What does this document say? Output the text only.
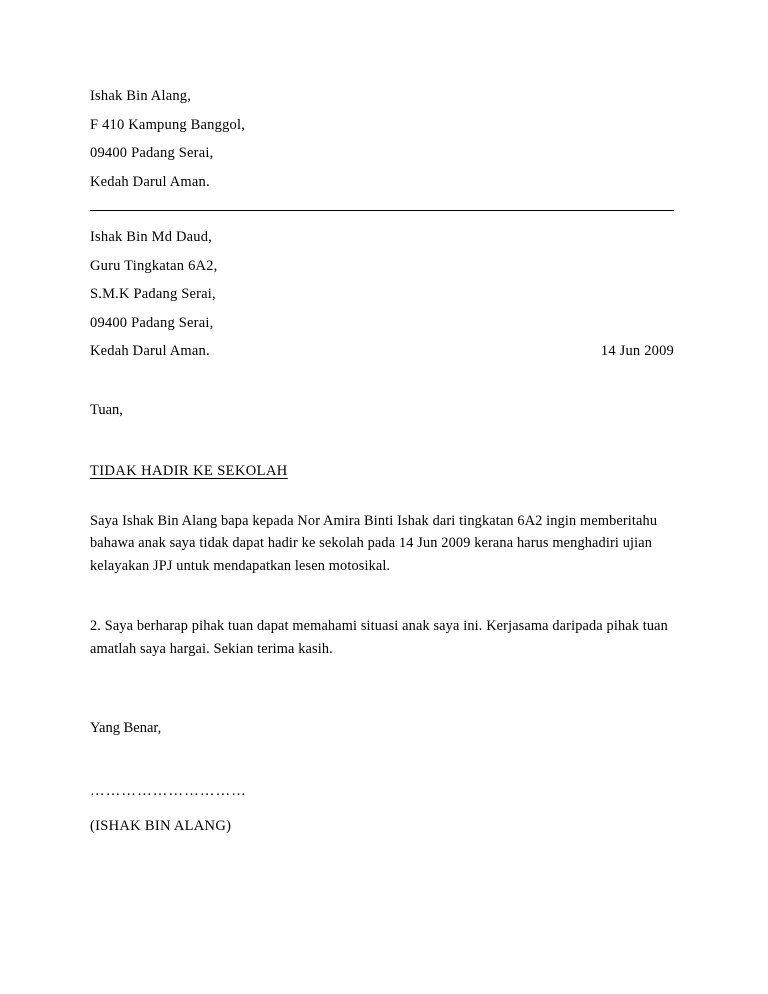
Ishak Bin Alang,
F 410 Kampung Banggol,
09400 Padang Serai,
Kedah Darul Aman.
Ishak Bin Md Daud,
Guru Tingkatan 6A2,
S.M.K Padang Serai,
09400 Padang Serai,
Kedah Darul Aman.	14 Jun 2009
Tuan,
TIDAK HADIR KE SEKOLAH
Saya Ishak Bin Alang bapa kepada Nor Amira Binti Ishak dari tingkatan 6A2 ingin memberitahu bahawa anak saya tidak dapat hadir ke sekolah pada 14 Jun 2009 kerana harus menghadiri ujian kelayakan JPJ untuk mendapatkan lesen motosikal.
2. Saya berharap pihak tuan dapat memahami situasi anak saya ini. Kerjasama daripada pihak tuan amatlah saya hargai. Sekian terima kasih.
Yang Benar,
…………………………
(ISHAK BIN ALANG)
